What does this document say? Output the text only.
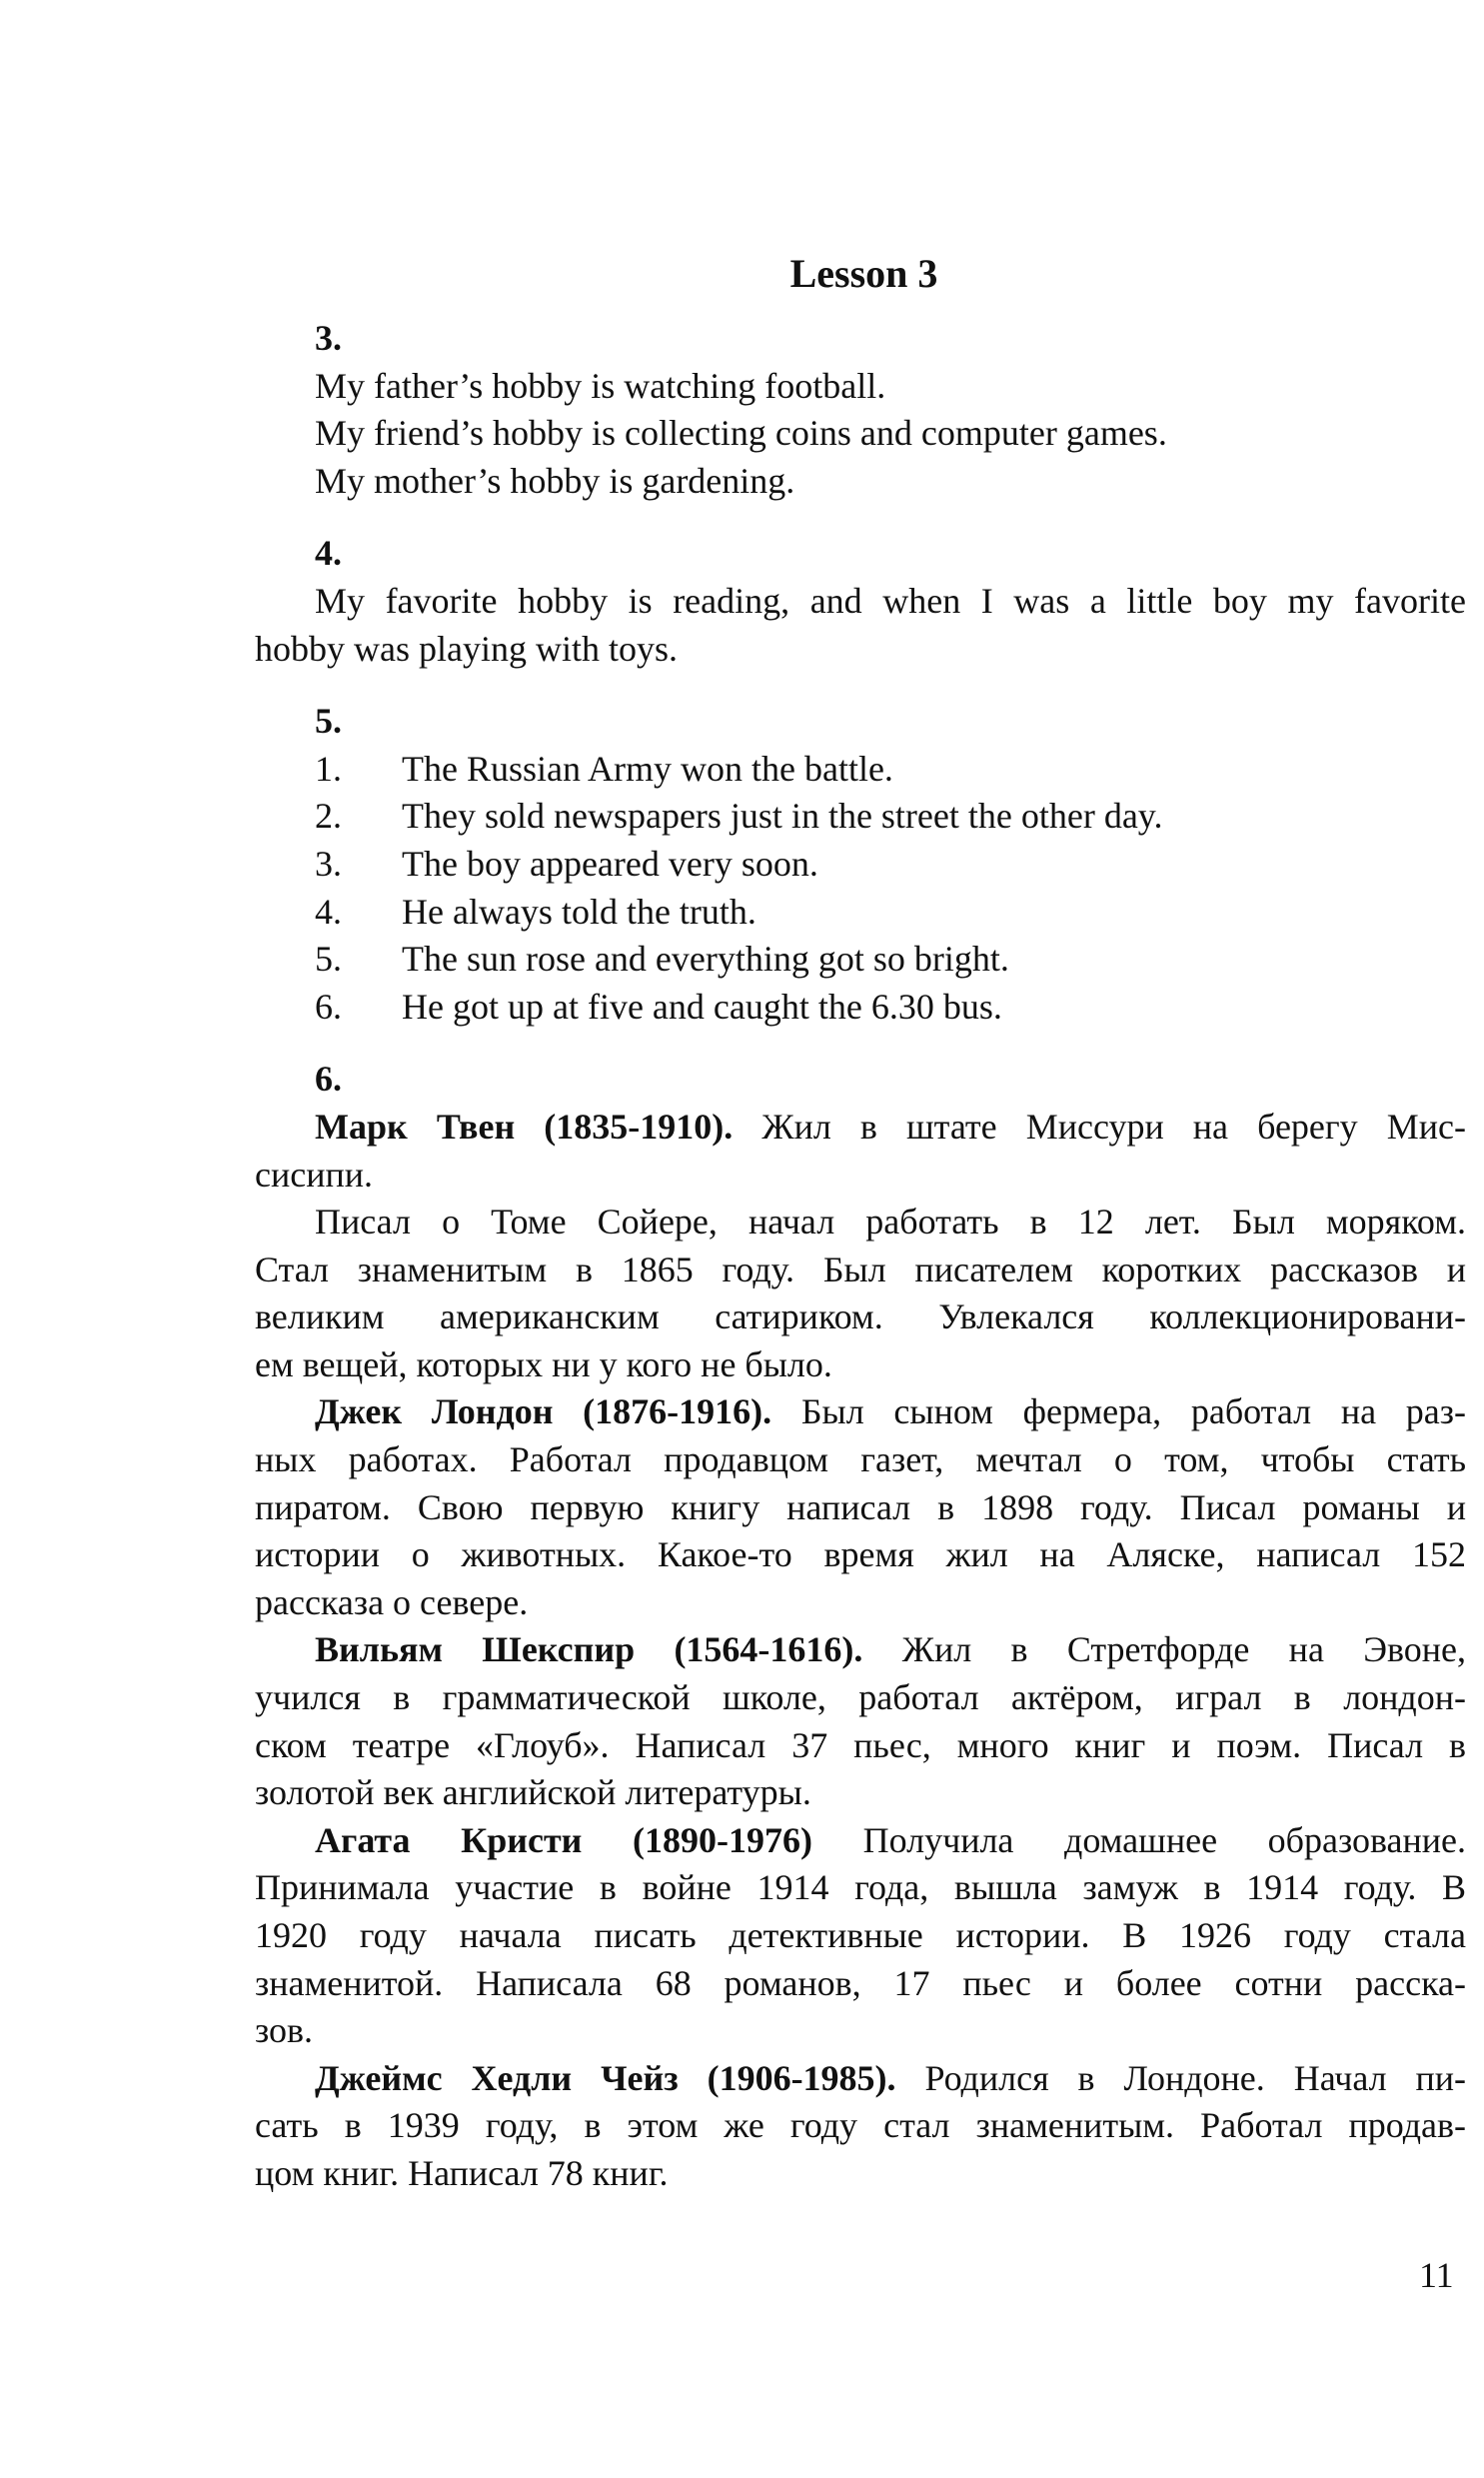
Lesson 3
3.
My father’s hobby is watching football.
My friend’s hobby is collecting coins and computer games.
My mother’s hobby is gardening.
4.
My favorite hobby is reading, and when I was a little boy my favorite
hobby was playing with toys.
5.
1.	The Russian Army won the battle.
2.	They sold newspapers just in the street the other day.
3.	The boy appeared very soon.
4.	He always told the truth.
5.	The sun rose and everything got so bright.
6.	He got up at five and caught the 6.30 bus.
6.
Марк Твен (1835-1910). Жил в штате Миссури на берегу Мис-
сисипи.
Писал о Томе Сойере, начал работать в 12 лет. Был моряком.
Стал знаменитым в 1865 году. Был писателем коротких рассказов и
великим американским сатириком. Увлекался коллекционировани-
ем вещей, которых ни у кого не было.
Джек Лондон (1876-1916). Был сыном фермера, работал на раз-
ных работах. Работал продавцом газет, мечтал о том, чтобы стать
пиратом. Свою первую книгу написал в 1898 году. Писал романы и
истории о животных. Какое-то время жил на Аляске, написал 152
рассказа о севере.
Вильям Шекспир (1564-1616). Жил в Стретфорде на Эвоне,
учился в грамматической школе, работал актёром, играл в лондон-
ском театре «Глоуб». Написал 37 пьес, много книг и поэм. Писал в
золотой век английской литературы.
Агата Кристи (1890-1976) Получила домашнее образование.
Принимала участие в войне 1914 года, вышла замуж в 1914 году. В
1920 году начала писать детективные истории. В 1926 году стала
знаменитой. Написала 68 романов, 17 пьес и более сотни расска-
зов.
Джеймс Хедли Чейз (1906-1985). Родился в Лондоне. Начал пи-
сать в 1939 году, в этом же году стал знаменитым. Работал продав-
цом книг. Написал 78 книг.
11
